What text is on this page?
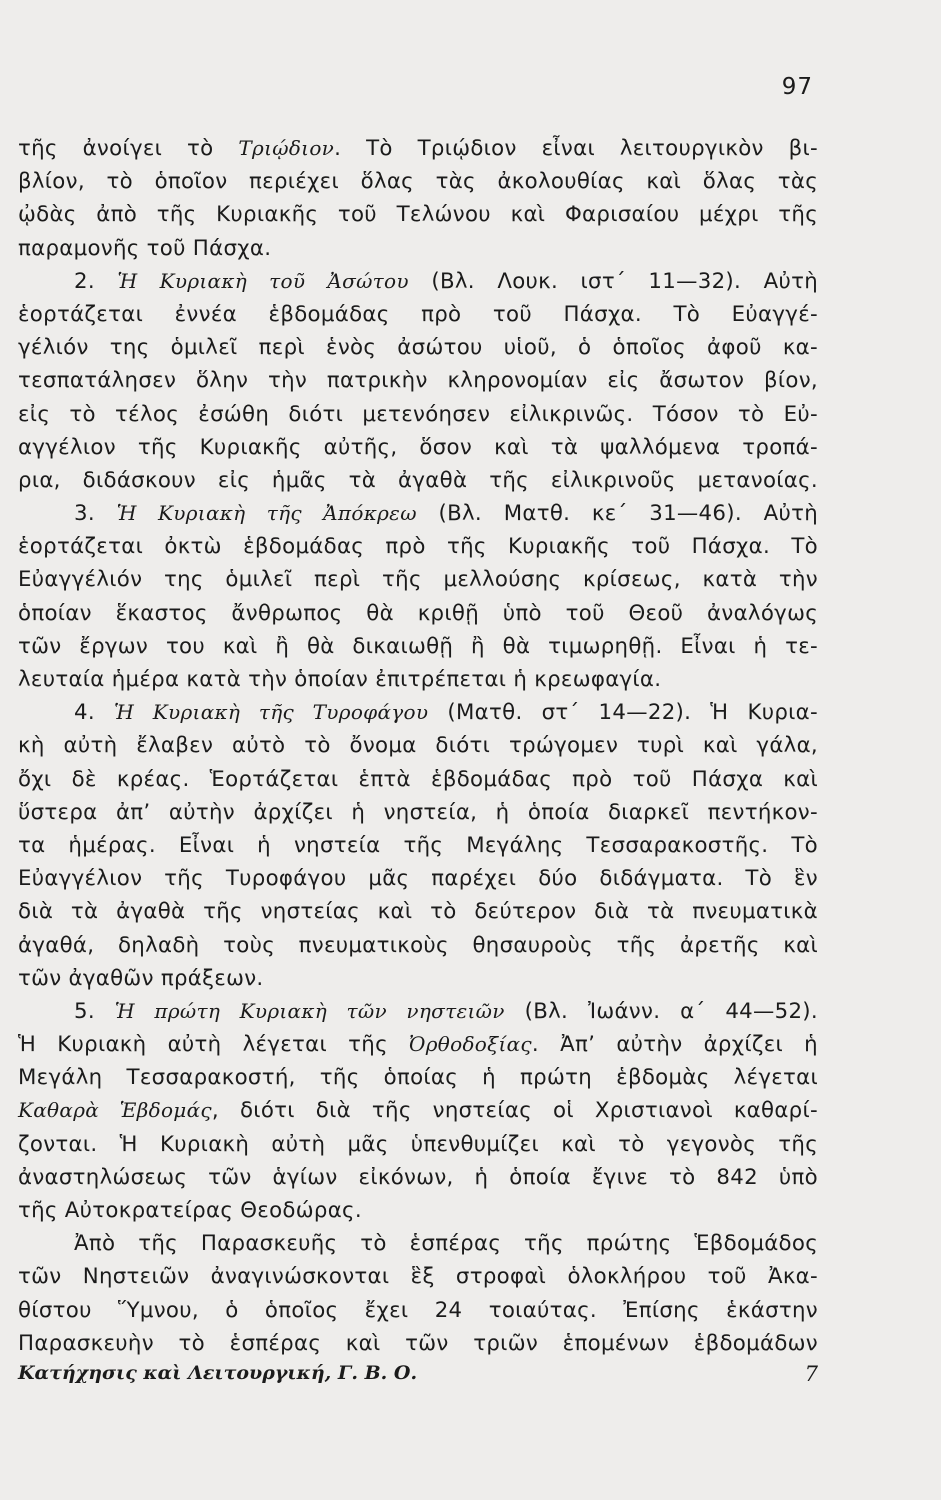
97
τῆς ἀνοίγει τὸ Τριῴδιον. Τὸ Τριῴδιον εἶναι λειτουργικὸν βι-
βλίον, τὸ ὁποῖον περιέχει ὅλας τὰς ἀκολουθίας καὶ ὅλας τὰς
ᾠδὰς ἀπὸ τῆς Κυριακῆς τοῦ Τελώνου καὶ Φαρισαίου μέχρι τῆς
παραμονῆς τοῦ Πάσχα.
2. Ἡ Κυριακὴ τοῦ Ἀσώτου (Βλ. Λουκ. ιστ΄ 11—32). Αὐτὴ
ἑορτάζεται ἐννέα ἑβδομάδας πρὸ τοῦ Πάσχα. Τὸ Εὐαγγέ-
γέλιόν της ὁμιλεῖ περὶ ἑνὸς ἀσώτου υἱοῦ, ὁ ὁποῖος ἀφοῦ κα-
τεσπατάλησεν ὅλην τὴν πατρικὴν κληρονομίαν εἰς ἄσωτον βίον,
εἰς τὸ τέλος ἐσώθη διότι μετενόησεν εἰλικρινῶς. Τόσον τὸ Εὐ-
αγγέλιον τῆς Κυριακῆς αὐτῆς, ὅσον καὶ τὰ ψαλλόμενα τροπά-
ρια, διδάσκουν εἰς ἡμᾶς τὰ ἀγαθὰ τῆς εἰλικρινοῦς μετανοίας.
3. Ἡ Κυριακὴ τῆς Ἀπόκρεω (Βλ. Ματθ. κε΄ 31—46). Αὐτὴ
ἑορτάζεται ὀκτὼ ἑβδομάδας πρὸ τῆς Κυριακῆς τοῦ Πάσχα. Τὸ
Εὐαγγέλιόν της ὁμιλεῖ περὶ τῆς μελλούσης κρίσεως, κατὰ τὴν
ὁποίαν ἕκαστος ἄνθρωπος θὰ κριθῇ ὑπὸ τοῦ Θεοῦ ἀναλόγως
τῶν ἔργων του καὶ ἢ θὰ δικαιωθῇ ἢ θὰ τιμωρηθῇ. Εἶναι ἡ τε-
λευταία ἡμέρα κατὰ τὴν ὁποίαν ἐπιτρέπεται ἡ κρεωφαγία.
4. Ἡ Κυριακὴ τῆς Τυροφάγου (Ματθ. στ΄ 14—22). Ἡ Κυρια-
κὴ αὐτὴ ἔλαβεν αὐτὸ τὸ ὄνομα διότι τρώγομεν τυρὶ καὶ γάλα,
ὄχι δὲ κρέας. Ἑορτάζεται ἑπτὰ ἑβδομάδας πρὸ τοῦ Πάσχα καὶ
ὕστερα ἀπ’ αὐτὴν ἀρχίζει ἡ νηστεία, ἡ ὁποία διαρκεῖ πεντήκον-
τα ἡμέρας. Εἶναι ἡ νηστεία τῆς Μεγάλης Τεσσαρακοστῆς. Τὸ
Εὐαγγέλιον τῆς Τυροφάγου μᾶς παρέχει δύο διδάγματα. Τὸ ἓν
διὰ τὰ ἀγαθὰ τῆς νηστείας καὶ τὸ δεύτερον διὰ τὰ πνευματικὰ
ἀγαθά, δηλαδὴ τοὺς πνευματικοὺς θησαυροὺς τῆς ἀρετῆς καὶ
τῶν ἀγαθῶν πράξεων.
5. Ἡ πρώτη Κυριακὴ τῶν νηστειῶν (Βλ. Ἰωάνν. α΄ 44—52).
Ἡ Κυριακὴ αὐτὴ λέγεται τῆς Ὀρθοδοξίας. Ἀπ’ αὐτὴν ἀρχίζει ἡ
Μεγάλη Τεσσαρακοστή, τῆς ὁποίας ἡ πρώτη ἑβδομὰς λέγεται
Καθαρὰ Ἑβδομάς, διότι διὰ τῆς νηστείας οἱ Χριστιανοὶ καθαρί-
ζονται. Ἡ Κυριακὴ αὐτὴ μᾶς ὑπενθυμίζει καὶ τὸ γεγονὸς τῆς
ἀναστηλώσεως τῶν ἁγίων εἰκόνων, ἡ ὁποία ἔγινε τὸ 842 ὑπὸ
τῆς Αὐτοκρατείρας Θεοδώρας.
Ἀπὸ τῆς Παρασκευῆς τὸ ἑσπέρας τῆς πρώτης Ἑβδομάδος
τῶν Νηστειῶν ἀναγινώσκονται ἓξ στροφαὶ ὁλοκλήρου τοῦ Ἀκα-
θίστου Ὕμνου, ὁ ὁποῖος ἔχει 24 τοιαύτας. Ἐπίσης ἑκάστην
Παρασκευὴν τὸ ἑσπέρας καὶ τῶν τριῶν ἑπομένων ἑβδομάδων
Κατήχησις καὶ Λειτουργική, Γ. Β. Ο.	7
